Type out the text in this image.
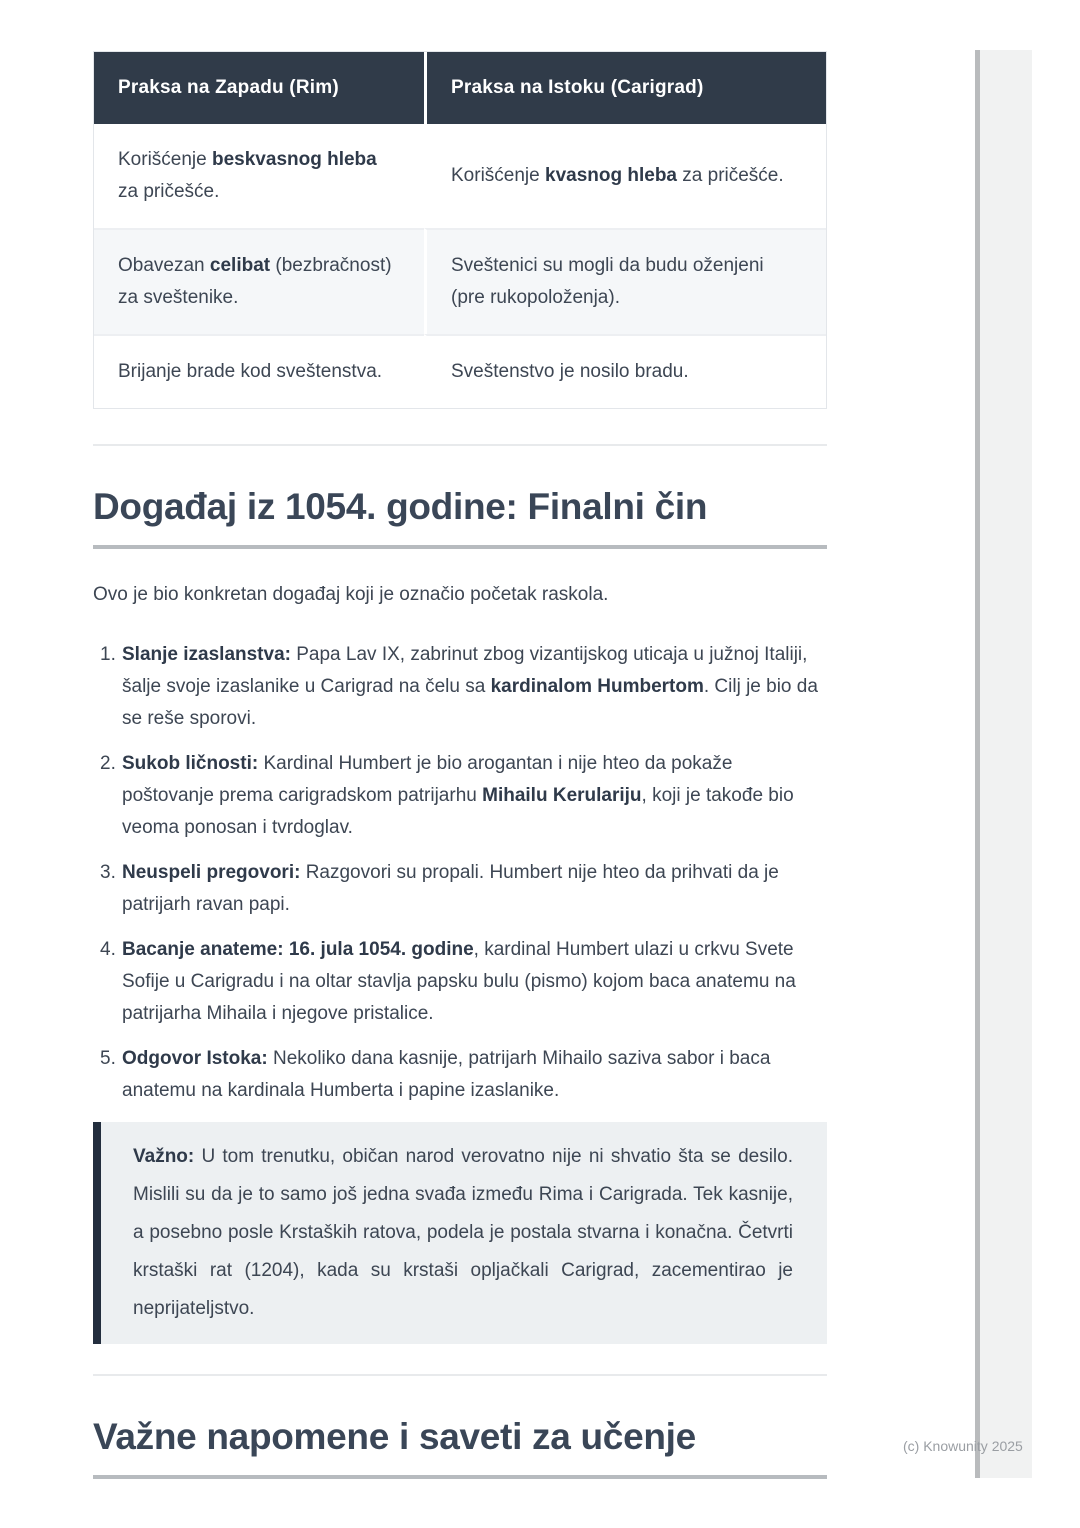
Praksa na Zapadu (Rim)	Praksa na Istoku (Carigrad)
Korišćenje beskvasnog hleba za pričešće.	Korišćenje kvasnog hleba za pričešće.
Obavezan celibat (bezbračnost) za sveštenike.	Sveštenici su mogli da budu oženjeni (pre rukopoloženja).
Brijanje brade kod sveštenstva.	Sveštenstvo je nosilo bradu.
Događaj iz 1054. godine: Finalni čin

Ovo je bio konkretan događaj koji je označio početak raskola.

1. Slanje izaslanstva: Papa Lav IX, zabrinut zbog vizantijskog uticaja u južnoj Italiji, šalje svoje izaslanike u Carigrad na čelu sa kardinalom Humbertom. Cilj je bio da se reše sporovi.
2. Sukob ličnosti: Kardinal Humbert je bio arogantan i nije hteo da pokaže poštovanje prema carigradskom patrijarhu Mihailu Kerulariju, koji je takođe bio veoma ponosan i tvrdoglav.
3. Neuspeli pregovori: Razgovori su propali. Humbert nije hteo da prihvati da je patrijarh ravan papi.
4. Bacanje anateme: 16. jula 1054. godine, kardinal Humbert ulazi u crkvu Svete Sofije u Carigradu i na oltar stavlja papsku bulu (pismo) kojom baca anatemu na patrijarha Mihaila i njegove pristalice.
5. Odgovor Istoka: Nekoliko dana kasnije, patrijarh Mihailo saziva sabor i baca anatemu na kardinala Humberta i papine izaslanike.

Važno: U tom trenutku, običan narod verovatno nije ni shvatio šta se desilo. Mislili su da je to samo još jedna svađa između Rima i Carigrada. Tek kasnije, a posebno posle Krstaških ratova, podela je postala stvarna i konačna. Četvrti krstaški rat (1204), kada su krstaši opljačkali Carigrad, zacementirao je neprijateljstvo.

Važne napomene i saveti za učenje	(c) Knowunity 2025
